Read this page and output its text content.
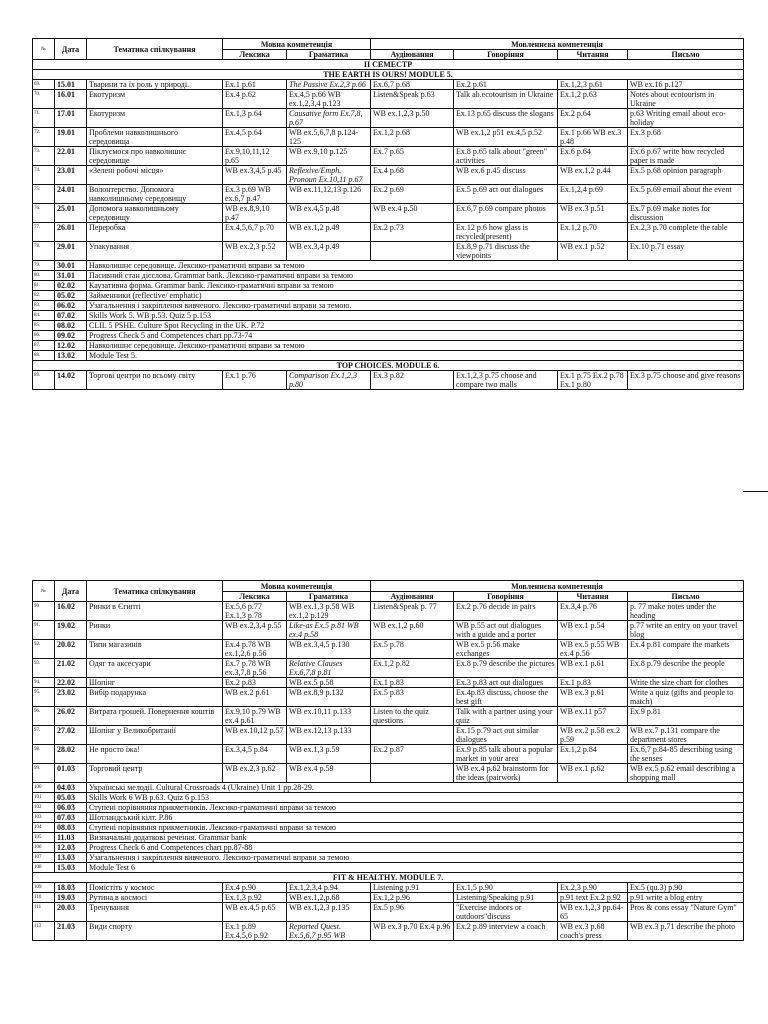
№	Дата	Тематика спілкування	Мовна компетенція		Мовленнєва компетенція			
			Лексика	Граматика	Аудіювання	Говоріння	Читання	Письмо
ІІ СЕМЕСТР								
THE EARTH IS OURS! MODULE 5.								
69.	15.01	Тварини та їх роль у природі.	Ex.1 p.61	The Passive Ex.2,3 p.66	Ex.6,7 p.68	Ex.2 p.61	Ex.1,2,3 p.61	WB ex.16 p.127
70.	16.01	Екотуризм	Ex.4 p.62	Ex.4,5 p.66 WB ex.1,2,3,4 p.123	Listen&Speak p.63	Talk ab.ecotourism in Ukraine	Ex.1,2 p.63	Notes about ecotourism in Ukraine
71.	17.01	Екотуризм	Ex.1,3 p.64	Causative form Ex.7,8, p.67	WB ex.1,2,3 p.50	Ex.13 p.65 discuss the slogans	Ex.2 p.64	p.63 Writing email about eco-holiday
72.	19.01	Проблеми навколишнього середовища	Ex.4,5 p.64	WB ex.5,6,7,8 p.124-125	Ex.1,2 p.68	WB ex.1,2 p51 ex.4,5 p.52	Ex.1 p.66 WB ex.3 p.48	Ex.3 p.68
73.	22.01	Піклуємося про навколишнє середовище	Ex.9,10,11,12 p.65	WB ex.9,10 p.125	Ex.7 p.65	Ex.8 p.65 talk about "green" activities	Ex.6 p.64	Ex.6 p.67 write how recycled paper is made
74.	23.01	«Зелені робочі місця»	WB ex.3,4,5 p.45	Reflexive/Emph. Pronoun Ex.10,11 p.67	Ex.4 p.68	WB ex.6 p.45 discuss	WB ex.1,2 p.44	Ex.5 p.68 opinion paragraph
75.	24.01	Волонтерство. Допомога навколишньому середовищу	Ex.3 p.69 WB ex.6,7 p.47	WB ex.11,12,13 p.126	Ex.2 p.69	Ex.5 p.69 act out dialogues	Ex.1,2,4 p.69	Ex.5 p.69 email about the event
76.	25.01	Допомога навколишньому середовищу	WB ex.8,9,10 p.47	WB ex.4,5 p.48	WB ex.4 p.50	Ex.6,7 p.69 compare photos	WB ex.3 p.51	Ex.7 p.69 make notes for discussion
77.	26.01	Переробка	Ex.4,5,6,7 p.70	WB ex.1,2 p.49	Ex.2 p.73	Ex.12 p.6 how glass is recycled(present)	Ex.1,2 p.70	Ex.2,3 p.70 complete the table
78.	29.01	Упакування	WB ex.2,3 p.52	WB ex.3,4 p.49		Ex.8,9 p.71 discuss the viewpoints	WB ex.1 p.52	Ex.10 p.71 essay
79.	30.01	Навколишнє середовище. Лексико-граматичні вправи за темою						
80.	31.01	Пасивний стан дієслова. Grammar bank. Лексико-граматичні вправи за темою						
81.	02.02	Каузативна форма. Grammar bank. Лексико-граматичні вправи за темою						
82.	05.02	Займенники (reflective/ emphatic)						
83.	06.02	Узагальнення і закріплення вивченого. Лексико-граматичні вправи за темою.						
84.	07.02	Skills Work 5. WB p.53. Quiz 5 p.153						
85.	08.02	CLIL 5 PSHE. Culture Spot Recycling in the UK. P.72						
86.	09.02	Progress Check 5 and Competences chart pp.73-74						
87.	12.02	Навколишнє середовище. Лексико-граматичні вправи за темою						
88.	13.02	Module Test 5.						
TOP CHOICES. MODULE 6.								
89.	14.02	Торгові центри по всьому світу	Ex.1 p.76	Comparison Ex.1,2,3 p.80	Ex.3 p.82	Ex.1,2,3 p.75 choose and compare two malls	Ex.1 p.75 Ex.2 p.78 Ex.1 p.80	Ex.3 p.75 choose and give reasons
№	Дата	Тематика спілкування	Мовна компетенція		Мовленнєва компетенція			
			Лексика	Граматика	Аудіювання	Говоріння	Читання	Письмо
90	16.02	Ринки в Єгипті	Ex.5,6 p.77 Ex.1,3 p.78	WB ex.1,3 p.58 WB ex.1,2 p.129	Listen&Speak p. 77	Ex.2 p.76 decide in pairs	Ex.3,4 p.76	p. 77 make notes under the heading
91.	19.02	Ринки	WB ex.2,3,4 p.55	Like-as Ex.5 p.81 WB ex.4 p.58	WB ex.1,2 p.60	WB p.55 act out dialogues with a guide and a porter	WB ex.1 p.54	p.77 write an entry on your travel blog
92.	20.02	Типи магазинів	Ex.4 p.78 WB ex.1,2,6 p.56	WB ex.3,4,5 p.130	Ex.5 p.78	WB ex.5 p.56 make exchanges	WB ex.5 p.55 WB ex.4 p.56	Ex.4 p.81 compare the markets
93.	21.02	Одяг та аксесуари	Ex.7 p.78 WB ex.3,7,8 p.56	Relative Clauses Ex.6,7,8 p.81	Ex.1,2 p.82	Ex.8 p.79 describe the pictures	WB ex.1 p.61	Ex.8 p.79 describe the people
94.	22.02	Шопінг	Ex.2 p.83	WB ex.5 p.58	Ex.1 p.83	Ex.3 p.83 act out dialogues	Ex.1 p.83	Write the size chart for clothes
95.	23.02	Вибір подарунка	WB ex.2 p.61	WB ex.8,9 p.132	Ex.5 p.83	Ex.4p.83 discuss, choose the best gift	WB ex.3 p.61	Write a quiz (gifts and people to match)
96.	26.02	Витрата грошей. Повернення коштів	Ex.9,10 p.79 WB ex.4 p.61	WB ex.10,11 p.133	Listen to the quiz questions	Talk with a partner using your quiz	WB ex.11 p57	Ex.9 p.81
97.	27.02	Шопінг у Великобританії	WB ex.10,12 p.57	WB ex.12,13 p.133		Ex.15 p.79 act out similar dialogues	WB ex.2 p.58 ex.2 p.59	WB ex.7 p.131 compare the department stores
98.	28.02	Не просто їжа!	Ex.3,4,5 p.84	WB ex.1,3 p.59	Ex.2 p.87	Ex.9 p.85 talk about a popular market in your area	Ex.1,2 p.84	Ex.6,7 p.84-85 describing using the senses
99.	01.03	Торговий центр	WB ex.2,3 p.62	WB ex.4 p.59		WB ex.4 p.62 brainstorm for the ideas (pairwork)	WB ex.1 p.62	WB ex.5 p.62 email describing a shopping mall
100	04.03	Українські мелодії. Cultural Crossroads 4 (Ukraine) Unit 1 pp.28-29.						
101	05.03	Skills Work 6 WB p.63. Quiz 6 p.153						
102	06.03	Ступені порівняння прикметників. Лексико-граматичні вправи за темою						
103	07.03	Шотландський кілт. P.86						
104	08.03	Ступені порівняння прикметників. Лексико-граматичні вправи за темою						
105	11.03	Визначальні додаткові речення. Grammar bank						
106	12.03	Progress Check 6 and Competences chart pp.87-88						
107	13.03	Узагальнення і закріплення вивченого. Лексико-граматичні вправи за темою						
108	15.03	Module Test 6						
FIT & HEALTHY. MODULE 7.								
109	18.03	Помістіть у космос	Ex.4 p.90	Ex.1,2,3,4 p.94	Listening p.91	Ex.1,5 p.90	Ex.2,3 p.90	Ex.5 (qu.3) p.90
110	19.03	Рутина в космосі	Ex.1,3 p.92	WB ex.1,2,p.68	Ex.1,2 p.96	Listening/Speaking p.91	p.91 text Ex.2 p.92	p.91 write a blog entry
111	20.03	Тренування	WB ex.4,5 p.65	WB ex.1,2,3 p.135	Ex.5 p.96	"Exercise indoors or outdoors"discuss	WB ex.1,2,3 pp.64-65	Pros & cons essay "Nature Gym"
112	21.03	Види спорту	Ex.1 p.89 Ex.4,5,6 p.92	Reported Quest. Ex.5,6,7 p.95 WB	WB ex.3 p.70 Ex.4 p.96	Ex.2 p.89 interview a coach	WB ex.3 p.68 coach's press	WB ex.3 p.71 describe the photo
